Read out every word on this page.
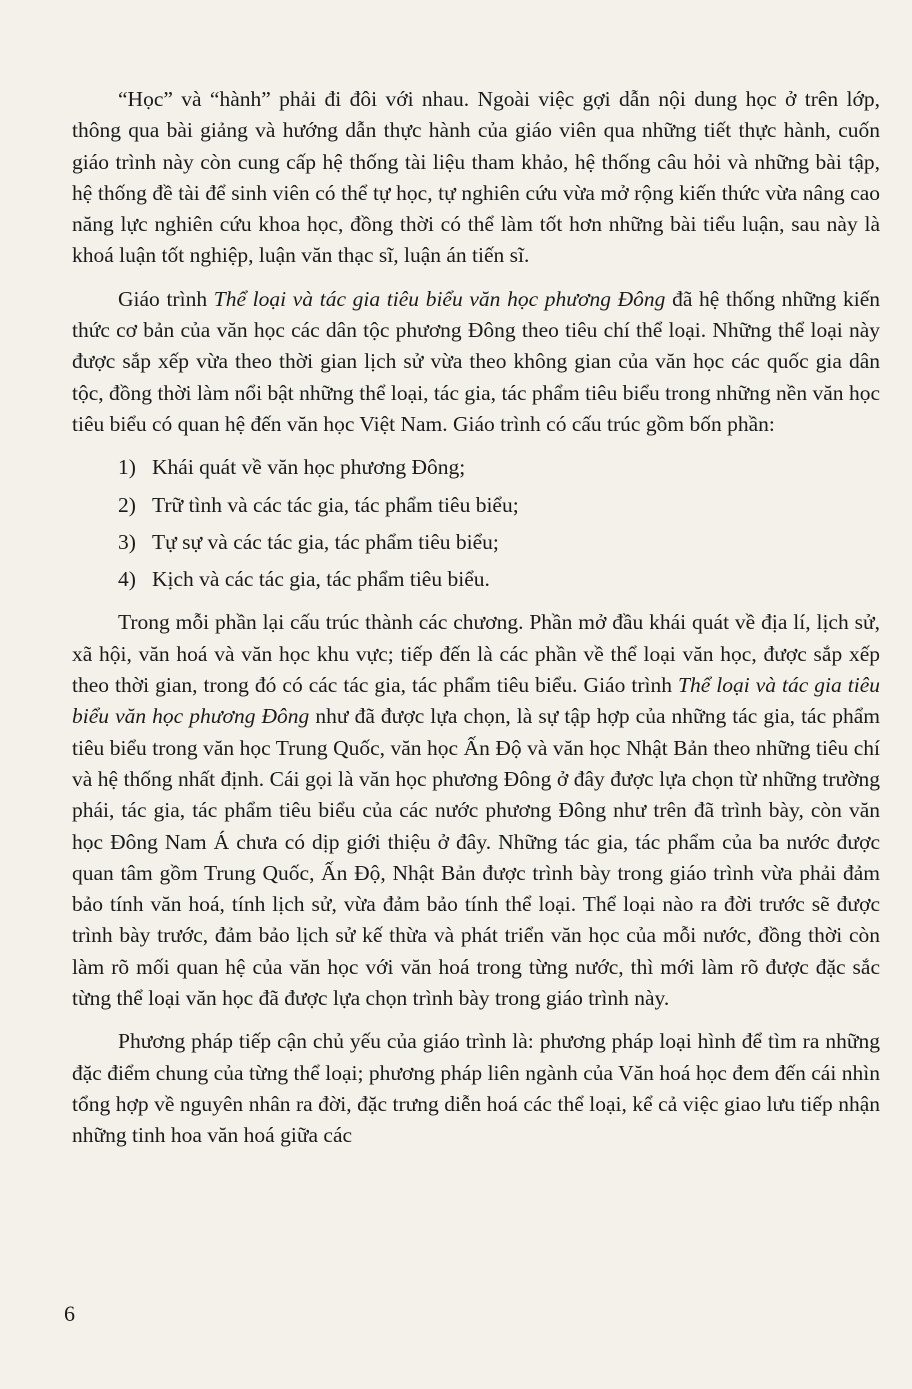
“Học” và “hành” phải đi đôi với nhau. Ngoài việc gợi dẫn nội dung học ở trên lớp, thông qua bài giảng và hướng dẫn thực hành của giáo viên qua những tiết thực hành, cuốn giáo trình này còn cung cấp hệ thống tài liệu tham khảo, hệ thống câu hỏi và những bài tập, hệ thống đề tài để sinh viên có thể tự học, tự nghiên cứu vừa mở rộng kiến thức vừa nâng cao năng lực nghiên cứu khoa học, đồng thời có thể làm tốt hơn những bài tiểu luận, sau này là khoá luận tốt nghiệp, luận văn thạc sĩ, luận án tiến sĩ.

Giáo trình Thể loại và tác gia tiêu biểu văn học phương Đông đã hệ thống những kiến thức cơ bản của văn học các dân tộc phương Đông theo tiêu chí thể loại. Những thể loại này được sắp xếp vừa theo thời gian lịch sử vừa theo không gian của văn học các quốc gia dân tộc, đồng thời làm nổi bật những thể loại, tác gia, tác phẩm tiêu biểu trong những nền văn học tiêu biểu có quan hệ đến văn học Việt Nam. Giáo trình có cấu trúc gồm bốn phần:

1) Khái quát về văn học phương Đông;
2) Trữ tình và các tác gia, tác phẩm tiêu biểu;
3) Tự sự và các tác gia, tác phẩm tiêu biểu;
4) Kịch và các tác gia, tác phẩm tiêu biểu.

Trong mỗi phần lại cấu trúc thành các chương. Phần mở đầu khái quát về địa lí, lịch sử, xã hội, văn hoá và văn học khu vực; tiếp đến là các phần về thể loại văn học, được sắp xếp theo thời gian, trong đó có các tác gia, tác phẩm tiêu biểu. Giáo trình Thể loại và tác gia tiêu biểu văn học phương Đông như đã được lựa chọn, là sự tập hợp của những tác gia, tác phẩm tiêu biểu trong văn học Trung Quốc, văn học Ấn Độ và văn học Nhật Bản theo những tiêu chí và hệ thống nhất định. Cái gọi là văn học phương Đông ở đây được lựa chọn từ những trường phái, tác gia, tác phẩm tiêu biểu của các nước phương Đông như trên đã trình bày, còn văn học Đông Nam Á chưa có dịp giới thiệu ở đây. Những tác gia, tác phẩm của ba nước được quan tâm gồm Trung Quốc, Ấn Độ, Nhật Bản được trình bày trong giáo trình vừa phải đảm bảo tính văn hoá, tính lịch sử, vừa đảm bảo tính thể loại. Thể loại nào ra đời trước sẽ được trình bày trước, đảm bảo lịch sử kế thừa và phát triển văn học của mỗi nước, đồng thời còn làm rõ mối quan hệ của văn học với văn hoá trong từng nước, thì mới làm rõ được đặc sắc từng thể loại văn học đã được lựa chọn trình bày trong giáo trình này.

Phương pháp tiếp cận chủ yếu của giáo trình là: phương pháp loại hình để tìm ra những đặc điểm chung của từng thể loại; phương pháp liên ngành của Văn hoá học đem đến cái nhìn tổng hợp về nguyên nhân ra đời, đặc trưng diễn hoá các thể loại, kể cả việc giao lưu tiếp nhận những tinh hoa văn hoá giữa các

6
